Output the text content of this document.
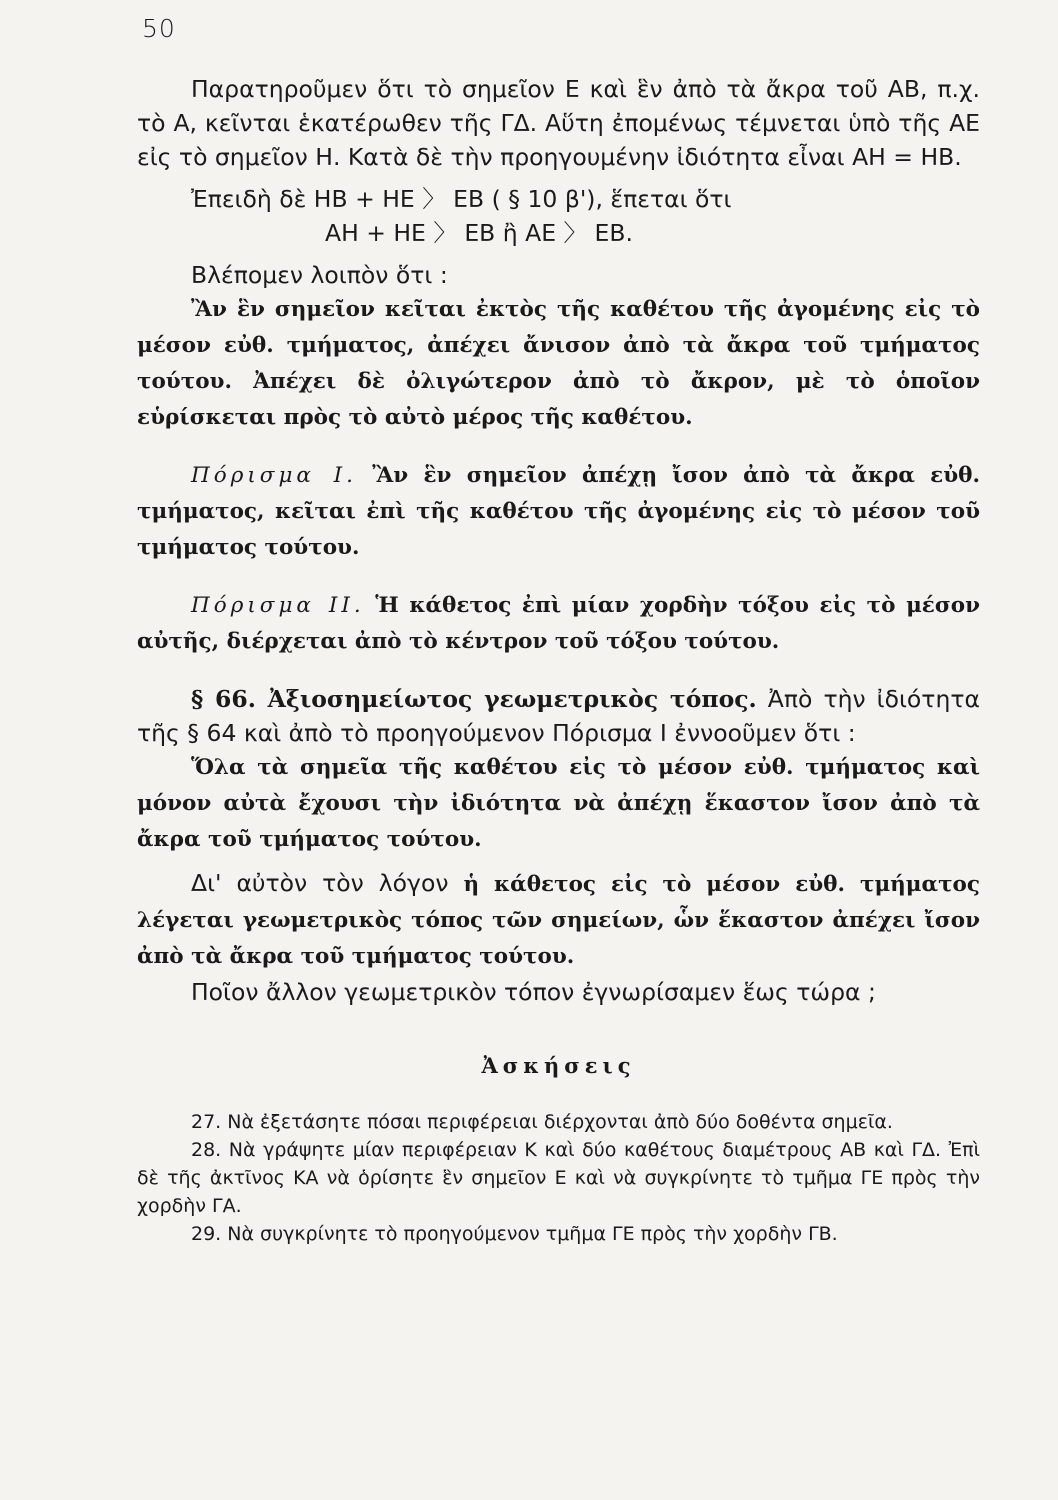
50

Παρατηροῦμεν ὅτι τὸ σημεῖον Ε καὶ ἓν ἀπὸ τὰ ἄκρα τοῦ ΑΒ, π.χ. τὸ Α, κεῖνται ἑκατέρωθεν τῆς ΓΔ. Αὕτη ἐπομένως τέμνεται ὑπὸ τῆς ΑΕ εἰς τὸ σημεῖον Η. Κατὰ δὲ τὴν προηγουμένην ἰδιότητα εἶναι ΑΗ = ΗΒ.

Ἐπειδὴ δὲ ΗΒ + ΗΕ 〉 ΕΒ ( § 10 β'), ἕπεται ὅτι

ΑΗ + ΗΕ 〉 ΕΒ ἢ ΑΕ 〉 ΕΒ.

Βλέπομεν λοιπὸν ὅτι :

Ἂν ἓν σημεῖον κεῖται ἐκτὸς τῆς καθέτου τῆς ἀγομένης εἰς τὸ μέσον εὐθ. τμήματος, ἀπέχει ἄνισον ἀπὸ τὰ ἄκρα τοῦ τμήματος τούτου. Ἀπέχει δὲ ὀλιγώτερον ἀπὸ τὸ ἄκρον, μὲ τὸ ὁποῖον εὑρίσκεται πρὸς τὸ αὐτὸ μέρος τῆς καθέτου.

Πόρισμα Ι. Ἂν ἓν σημεῖον ἀπέχῃ ἴσον ἀπὸ τὰ ἄκρα εὐθ. τμήματος, κεῖται ἐπὶ τῆς καθέτου τῆς ἀγομένης εἰς τὸ μέσον τοῦ τμήματος τούτου.

Πόρισμα ΙΙ. Ἡ κάθετος ἐπὶ μίαν χορδὴν τόξου εἰς τὸ μέσον αὐτῆς, διέρχεται ἀπὸ τὸ κέντρον τοῦ τόξου τούτου.

§ 66. Ἀξιοσημείωτος γεωμετρικὸς τόπος. Ἀπὸ τὴν ἰδιότητα τῆς § 64 καὶ ἀπὸ τὸ προηγούμενον Πόρισμα Ι ἐννοοῦμεν ὅτι :

Ὅλα τὰ σημεῖα τῆς καθέτου εἰς τὸ μέσον εὐθ. τμήματος καὶ μόνον αὐτὰ ἔχουσι τὴν ἰδιότητα νὰ ἀπέχῃ ἕκαστον ἴσον ἀπὸ τὰ ἄκρα τοῦ τμήματος τούτου.

Δι' αὐτὸν τὸν λόγον ἡ κάθετος εἰς τὸ μέσον εὐθ. τμήματος λέγεται γεωμετρικὸς τόπος τῶν σημείων, ὧν ἕκαστον ἀπέχει ἴσον ἀπὸ τὰ ἄκρα τοῦ τμήματος τούτου.

Ποῖον ἄλλον γεωμετρικὸν τόπον ἐγνωρίσαμεν ἕως τώρα ;

Ἀσκήσεις

27. Νὰ ἐξετάσητε πόσαι περιφέρειαι διέρχονται ἀπὸ δύο δοθέντα σημεῖα.

28. Νὰ γράψητε μίαν περιφέρειαν Κ καὶ δύο καθέτους διαμέτρους ΑΒ καὶ ΓΔ. Ἐπὶ δὲ τῆς ἀκτῖνος ΚΑ νὰ ὁρίσητε ἓν σημεῖον Ε καὶ νὰ συγκρίνητε τὸ τμῆμα ΓΕ πρὸς τὴν χορδὴν ΓΑ.

29. Νὰ συγκρίνητε τὸ προηγούμενον τμῆμα ΓΕ πρὸς τὴν χορδὴν ΓΒ.
